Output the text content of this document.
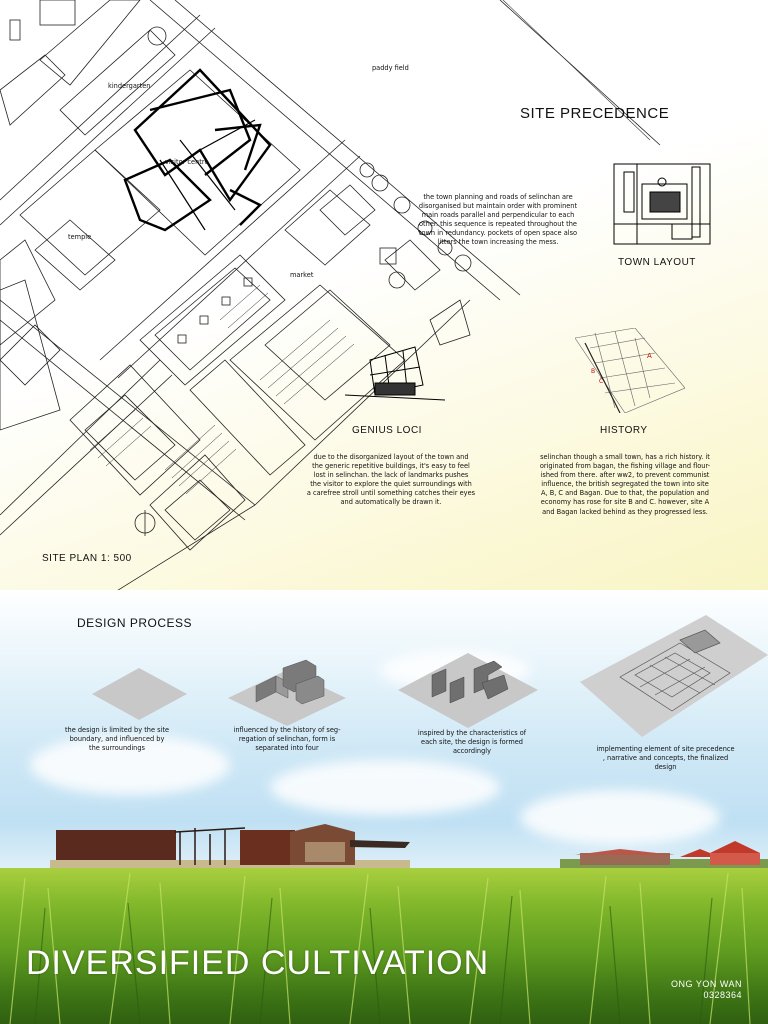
paddy field
kindergarten
visitor centre
temple
market
SITE PLAN 1: 500
SITE PRECEDENCE
the town planning and roads of selinchan are
disorganised but maintain order with prominent
main roads parallel and perpendicular to each
other. this sequence is repeated throughout the
town in redundancy. pockets of open space also
litters the town increasing the mess.
TOWN LAYOUT
GENIUS LOCI
due to the disorganized layout of the town and
the generic repetitive buildings, it's easy to feel
lost in selinchan. the lack of landmarks pushes
the visitor to explore the quiet surroundings with
a carefree stroll until something catches their eyes
and automatically be drawn it.
A
B
C
HISTORY
selinchan though a small town, has a rich history. it
originated from bagan, the fishing village and flour-
ished from there. after ww2, to prevent communist
influence, the british segregated the town into site
A, B, C and Bagan. Due to that, the population and
economy has rose for site B and C. however, site A
and Bagan lacked behind as they progressed less.
DESIGN PROCESS
the design is limited by the site
boundary, and influenced by
the surroundings
influenced by the history of seg-
regation of selinchan, form is
separated into four
inspired by the characteristics of
each site, the design is formed
accordingly	implementing element of site precedence
, narrative and concepts, the finalized
design
DIVERSIFIED CULTIVATION
ONG YON WAN
0328364
